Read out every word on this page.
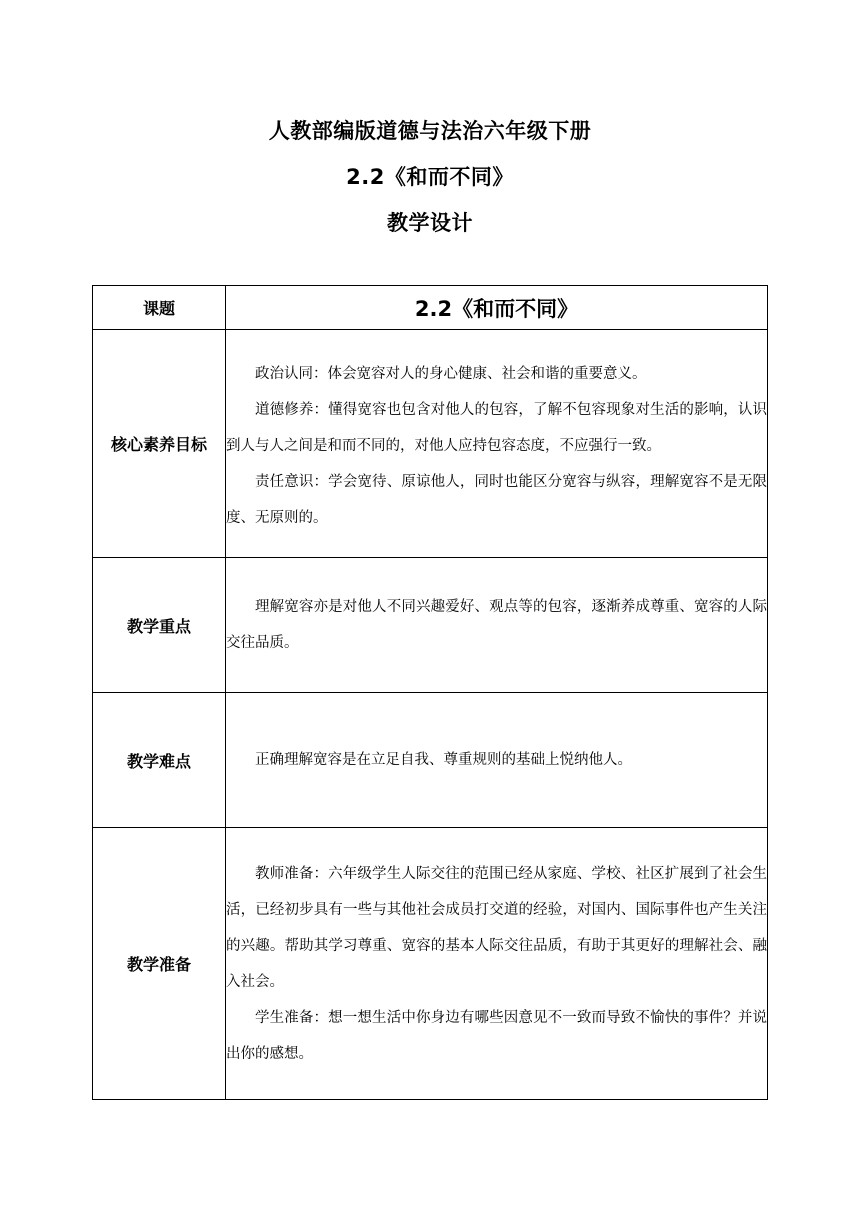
人教部编版道德与法治六年级下册
2.2《和而不同》
教学设计
课题	2.2《和而不同》
核心素养目标	政治认同：体会宽容对人的身心健康、社会和谐的重要意义。

道德修养：懂得宽容也包含对他人的包容，了解不包容现象对生活的影响，认识到人与人之间是和而不同的，对他人应持包容态度，不应强行一致。

责任意识：学会宽待、原谅他人，同时也能区分宽容与纵容，理解宽容不是无限度、无原则的。

教学重点	理解宽容亦是对他人不同兴趣爱好、观点等的包容，逐渐养成尊重、宽容的人际交往品质。

教学难点	正确理解宽容是在立足自我、尊重规则的基础上悦纳他人。

教学准备	教师准备：六年级学生人际交往的范围已经从家庭、学校、社区扩展到了社会生活，已经初步具有一些与其他社会成员打交道的经验，对国内、国际事件也产生关注的兴趣。帮助其学习尊重、宽容的基本人际交往品质，有助于其更好的理解社会、融入社会。

学生准备：想一想生活中你身边有哪些因意见不一致而导致不愉快的事件？并说出你的感想。
